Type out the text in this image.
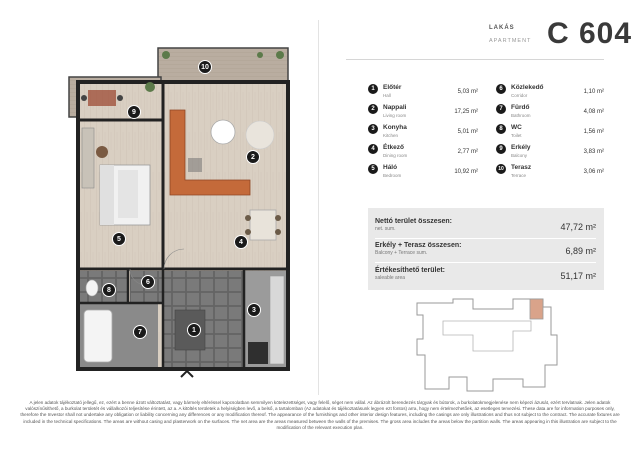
10
9
2
5	4
6
8
3
1
7
LAKÁS
APARTMENT C 604
1	Előtér
Hall
5,03 m²
2	Nappali
Living room
17,25 m²
3	Konyha
Kitchen
5,01 m²
4	Étkező
Dining room
2,77 m²
5	Háló
Bedroom
10,92 m²
6	Közlekedő
Corridor
1,10 m²
7	Fürdő
Bathroom
4,08 m²
8	WC
Toilet
1,56 m²
9	Erkély
Balcony
3,83 m²
10	Terasz
Terrace
3,06 m²
Nettó terület összesen:
net. sum.	47,72 m²
Erkély + Terasz összesen:
Balcony + Terrace sum.	6,89 m²
Értékesíthető terület:
saleable area	51,17 m²
A jelen adatok tájékoztató jellegű, ez, ezért a benne ázott változtatást, vagy bármely eltéréssel kapcsolatban semmilyen kötelezettséget, vagy felelő, séget nem vállal. Az ábrázolt berendezés tárgyak és bútorok, a burkolatokmegjelenése nem képezi ázusát, ezért tervlatnak. Jelen adatok valószínűsíthető, a burkolat területét és vállalkozói teljesítése érintett, az a. A kitöltés területek a helyiségben levő, a belső, a tartalomban (Az adatokat és tájékoztatásunk legyen ezt fontos) arra, hogy nem értelmezhetőek, az esetleges tervezési. These data are for information purposes only, therefore the Investor shall not undertake any obligation or liability concerning any differences or any modification thereof. The appearance of the furnishings and other interior design features, including the casings are only illustrations and thus not subject to the contract. The accurate fixtures are included in the technical specifications. The areas are without casing and plasterwork on the surfaces. The net area are the areas measured between the walls of the premises. The gross area includes the areas below the partition walls. The areas appearing in this illustration are subject to the modification of the relevant execution plan.
